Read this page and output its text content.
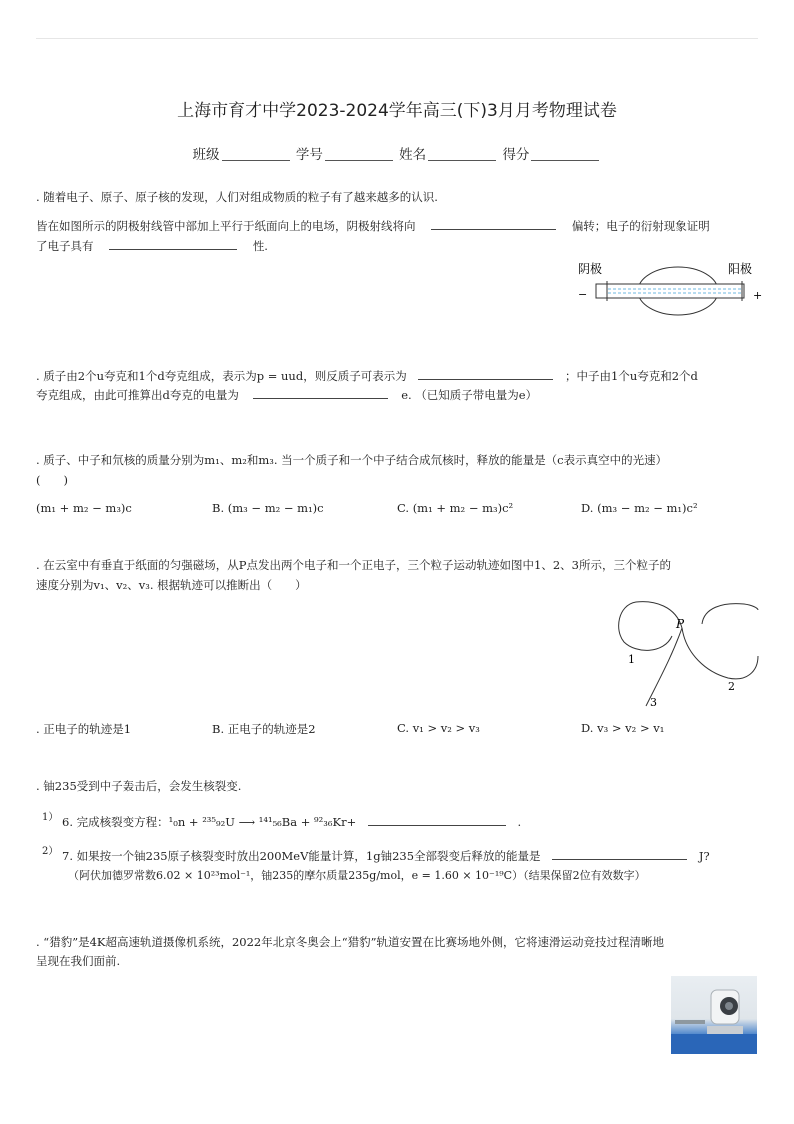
上海市育才中学2023-2024学年高三(下)3月月考物理试卷
班级	学号	姓名	得分
. 随着电子、原子、原子核的发现，人们对组成物质的粒子有了越来越多的认识.
皆在如图所示的阴极射线管中部加上平行于纸面向上的电场，阴极射线将向	偏转；电子的衍射现象证明
了电子具有	性.
阴极	阳极
−	+
. 质子由2个u夸克和1个d夸克组成，表示为p = uud，则反质子可表示为	；中子由1个u夸克和2个d
夸克组成，由此可推算出d夸克的电量为	e. （已知质子带电量为e）
. 质子、中子和氘核的质量分别为m₁、m₂和m₃. 当一个质子和一个中子结合成氘核时，释放的能量是（c表示真空中的光速）
(　　)
(m₁ + m₂ − m₃)c	B. (m₃ − m₂ − m₁)c	C. (m₁ + m₂ − m₃)c²	D. (m₃ − m₂ − m₁)c²
. 在云室中有垂直于纸面的匀强磁场，从P点发出两个电子和一个正电子，三个粒子运动轨迹如图中1、2、3所示，三个粒子的
速度分别为v₁、v₂、v₃. 根据轨迹可以推断出（　　）
P
1
2
3
. 正电子的轨迹是1	B. 正电子的轨迹是2	C. v₁ > v₂ > v₃	D. v₃ > v₂ > v₁
. 铀235受到中子轰击后，会发生核裂变.
1） 6. 完成核裂变方程：¹₀n + ²³⁵₉₂U ⟶ ¹⁴¹₅₆Ba + ⁹²₃₆Kr+	.
2） 7. 如果按一个铀235原子核裂变时放出200MeV能量计算，1g铀235全部裂变后释放的能量是	J?
（阿伏加德罗常数6.02 × 10²³mol⁻¹，铀235的摩尔质量235g/mol，e = 1.60 × 10⁻¹⁹C）（结果保留2位有效数字）
. “猎豹”是4K超高速轨道摄像机系统，2022年北京冬奥会上“猎豹”轨道安置在比赛场地外侧，它将速滑运动竞技过程清晰地
呈现在我们面前.
